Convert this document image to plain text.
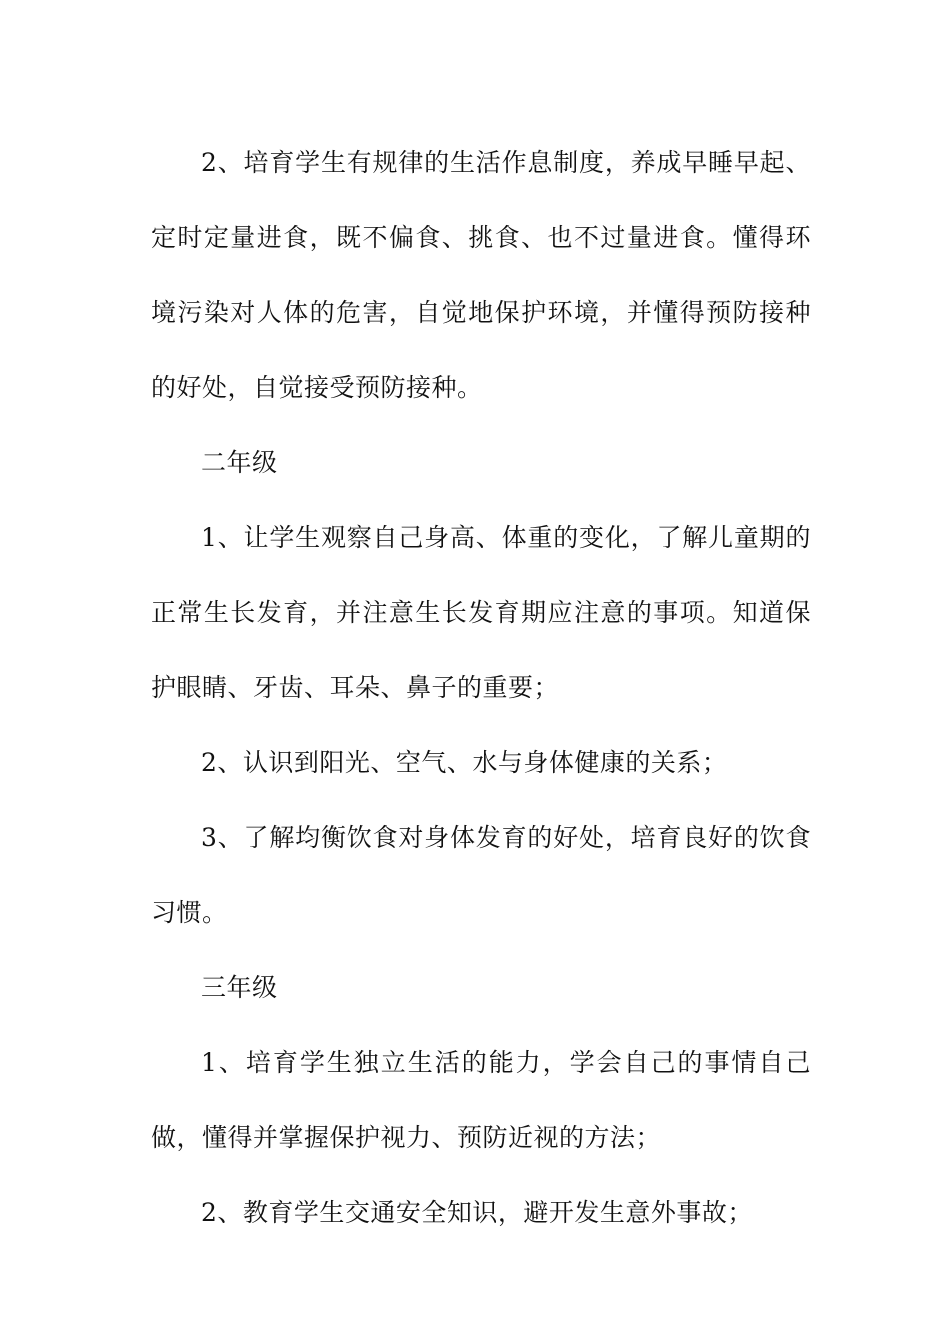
2、培育学生有规律的生活作息制度，养成早睡早起、定时定量进食，既不偏食、挑食、也不过量进食。懂得环境污染对人体的危害，自觉地保护环境，并懂得预防接种的好处，自觉接受预防接种。

二年级

1、让学生观察自己身高、体重的变化，了解儿童期的正常生长发育，并注意生长发育期应注意的事项。知道保护眼睛、牙齿、耳朵、鼻子的重要；

2、认识到阳光、空气、水与身体健康的关系；

3、了解均衡饮食对身体发育的好处，培育良好的饮食习惯。

三年级

1、培育学生独立生活的能力，学会自己的事情自己做，懂得并掌握保护视力、预防近视的方法；

2、教育学生交通安全知识，避开发生意外事故；
